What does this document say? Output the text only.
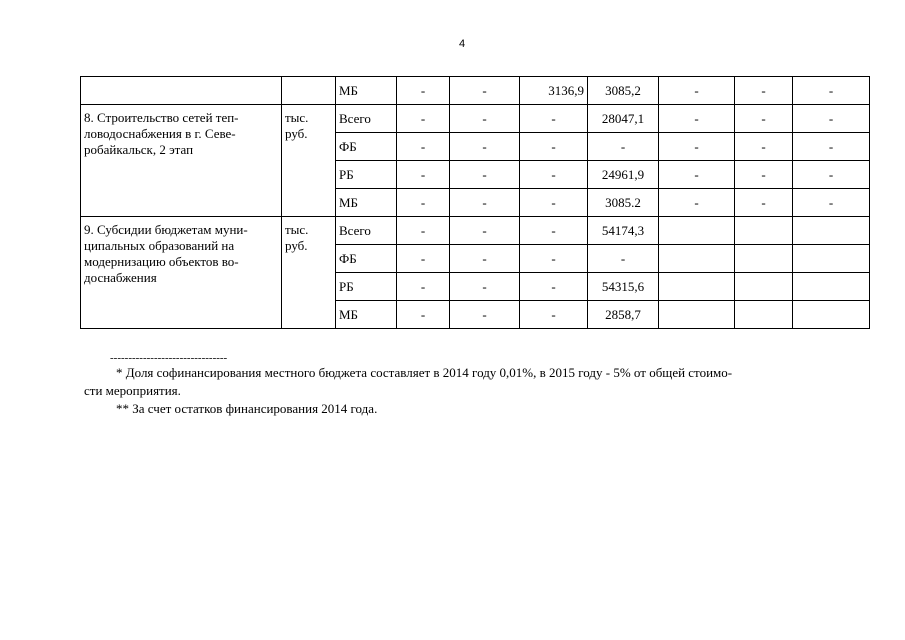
4
		МБ	-	-	3136,9	3085,2	-	-	-

8. Строительство сетей теп-
ловодоснабжения в г. Севе-
робайкальск, 2 этап	тыс.
руб.	Всего	-	-	-	28047,1	-	-	-
		ФБ	-	-	-	-	-	-	-
		РБ	-	-	-	24961,9	-	-	-
		МБ	-	-	-	3085.2	-	-	-

9. Субсидии бюджетам муни-
ципальных образований на
модернизацию объектов во-
доснабжения	тыс.
руб.	Всего	-	-	-	54174,3			
		ФБ	-	-	-	-			
		РБ	-	-	-	54315,6			
		МБ	-	-	-	2858,7			
--------------------------------
* Доля софинансирования местного бюджета составляет в 2014 году 0,01%, в 2015 году - 5% от общей стоимо-
сти мероприятия.
** За счет остатков финансирования 2014 года.
